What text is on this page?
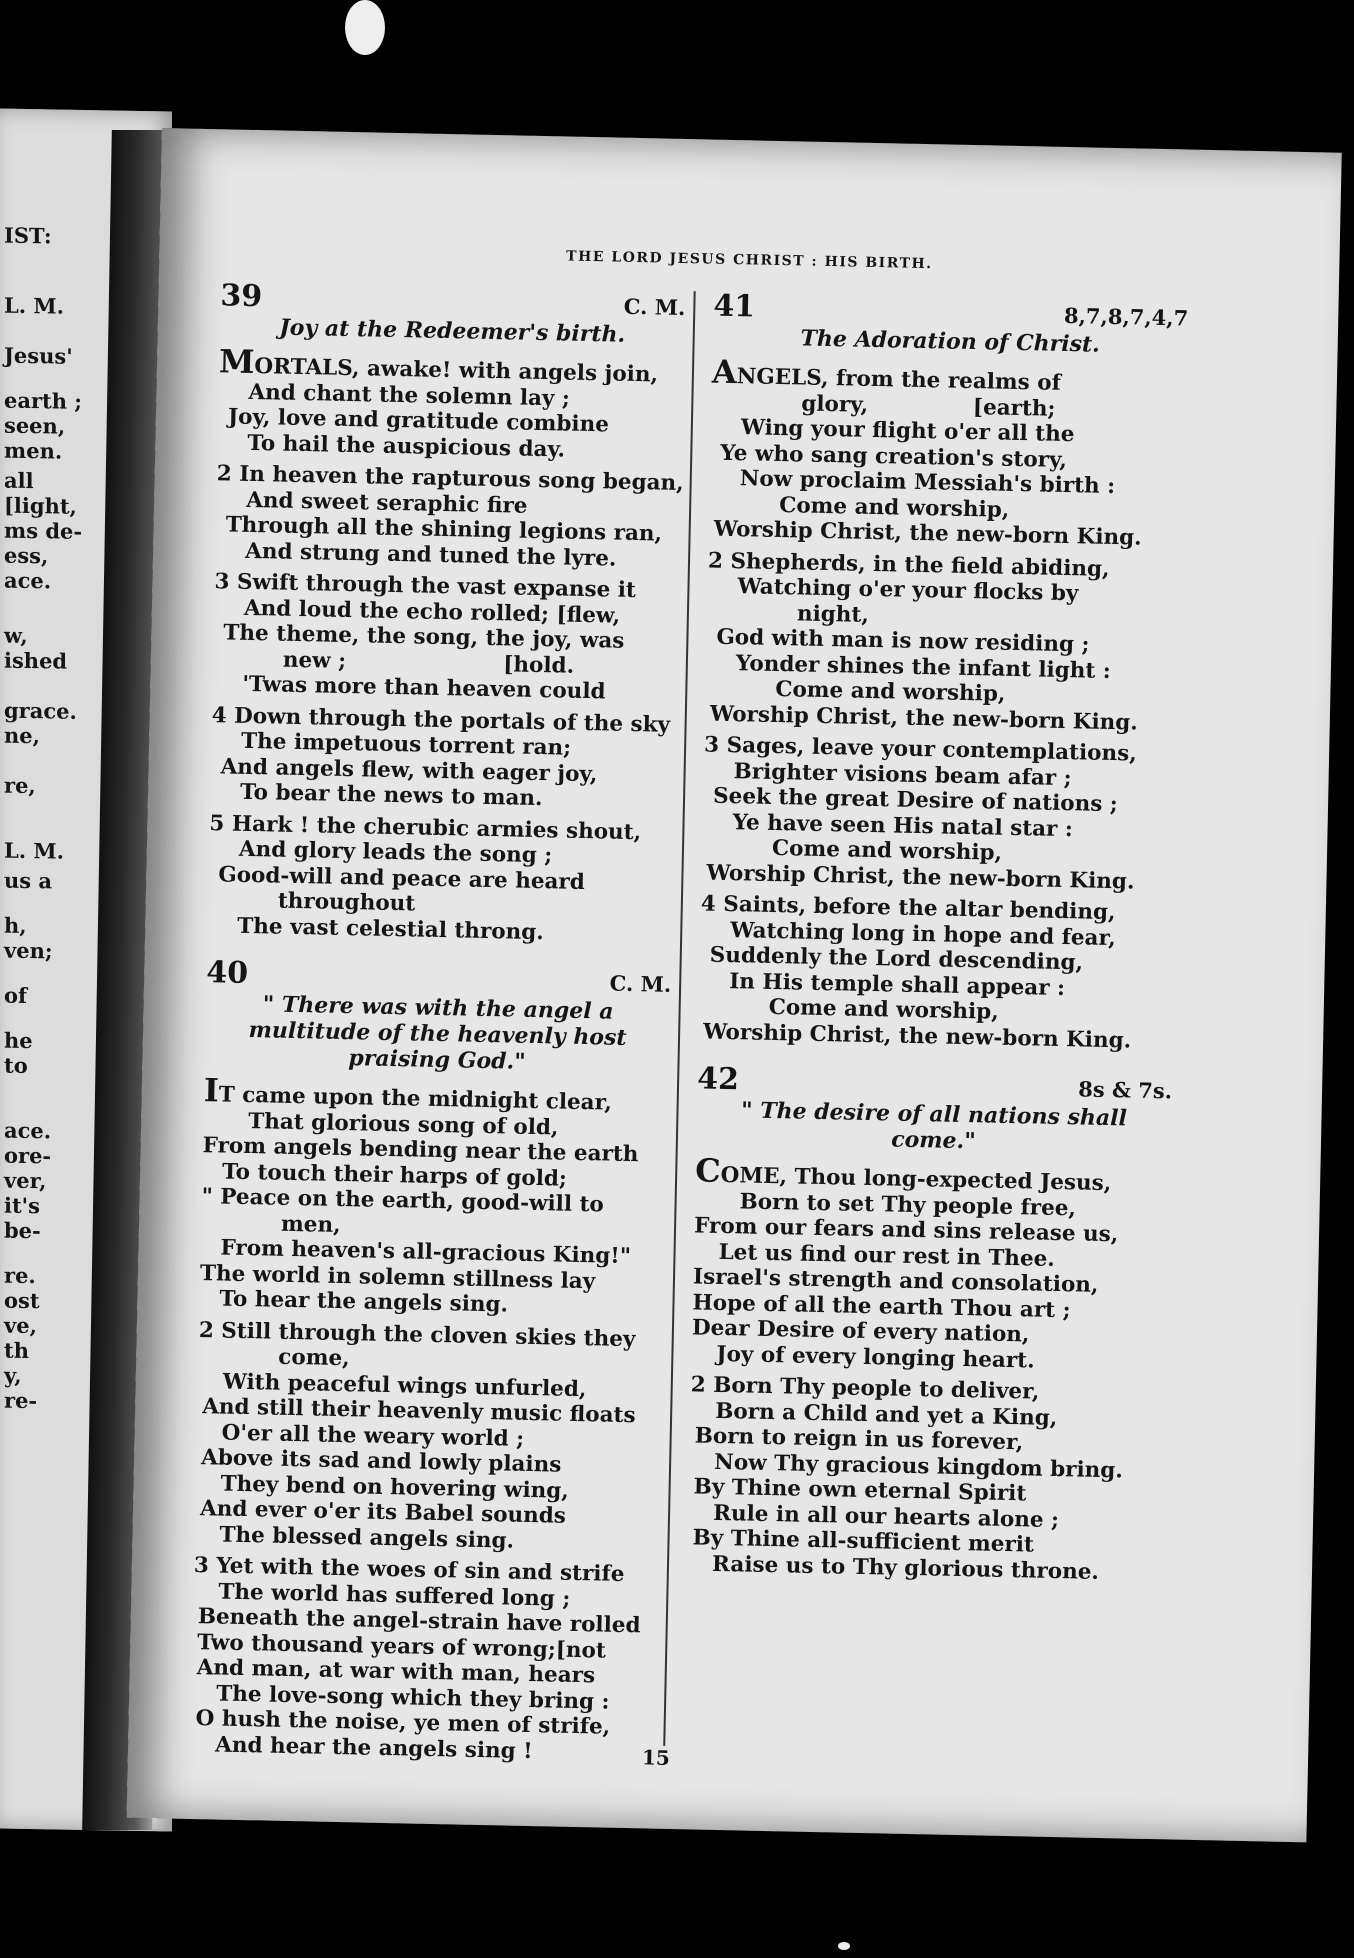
IST:
L. M.
Jesus'
earth ;
seen,
men.
all
[light,
ms de-
ess,
ace.
w,
ished
grace.
ne,
re,
L. M.
us a
h,
ven;
of
he
to
ace.
ore-
ver,
it's
be-
re.
ost
ve,
th
y,
re-
THE LORD JESUS CHRIST : HIS BIRTH.
39	C. M.
Joy at the Redeemer's birth.
MORTALS, awake! with angels join,
And chant the solemn lay ;
Joy, love and gratitude combine
To hail the auspicious day.
2 In heaven the rapturous song began,
And sweet seraphic fire
Through all the shining legions ran,
And strung and tuned the lyre.
3 Swift through the vast expanse it
And loud the echo rolled; [flew,
The theme, the song, the joy, was
new ;                     [hold.
'Twas more than heaven could
4 Down through the portals of the sky
The impetuous torrent ran;
And angels flew, with eager joy,
To bear the news to man.
5 Hark ! the cherubic armies shout,
And glory leads the song ;
Good-will and peace are heard
throughout
The vast celestial throng.
40	C. M.
" There was with the angel a multitude of the heavenly host praising God."
IT came upon the midnight clear,
That glorious song of old,
From angels bending near the earth
To touch their harps of gold;
" Peace on the earth, good-will to
men,
From heaven's all-gracious King!"
The world in solemn stillness lay
To hear the angels sing.
2 Still through the cloven skies they
come,
With peaceful wings unfurled,
And still their heavenly music floats
O'er all the weary world ;
Above its sad and lowly plains
They bend on hovering wing,
And ever o'er its Babel sounds
The blessed angels sing.
3 Yet with the woes of sin and strife
The world has suffered long ;
Beneath the angel-strain have rolled
Two thousand years of wrong;[not
And man, at war with man, hears
The love-song which they bring :
O hush the noise, ye men of strife,
And hear the angels sing !
41	8,7,8,7,4,7
The Adoration of Christ.
ANGELS, from the realms of
glory,              [earth;
Wing your flight o'er all the
Ye who sang creation's story,
Now proclaim Messiah's birth :
Come and worship,
Worship Christ, the new-born King.
2 Shepherds, in the field abiding,
Watching o'er your flocks by
night,
God with man is now residing ;
Yonder shines the infant light :
Come and worship,
Worship Christ, the new-born King.
3 Sages, leave your contemplations,
Brighter visions beam afar ;
Seek the great Desire of nations ;
Ye have seen His natal star :
Come and worship,
Worship Christ, the new-born King.
4 Saints, before the altar bending,
Watching long in hope and fear,
Suddenly the Lord descending,
In His temple shall appear :
Come and worship,
Worship Christ, the new-born King.
42	8s & 7s.
" The desire of all nations shall come."
COME, Thou long-expected Jesus,
Born to set Thy people free,
From our fears and sins release us,
Let us find our rest in Thee.
Israel's strength and consolation,
Hope of all the earth Thou art ;
Dear Desire of every nation,
Joy of every longing heart.
2 Born Thy people to deliver,
Born a Child and yet a King,
Born to reign in us forever,
Now Thy gracious kingdom bring.
By Thine own eternal Spirit
Rule in all our hearts alone ;
By Thine all-sufficient merit
Raise us to Thy glorious throne.
15
